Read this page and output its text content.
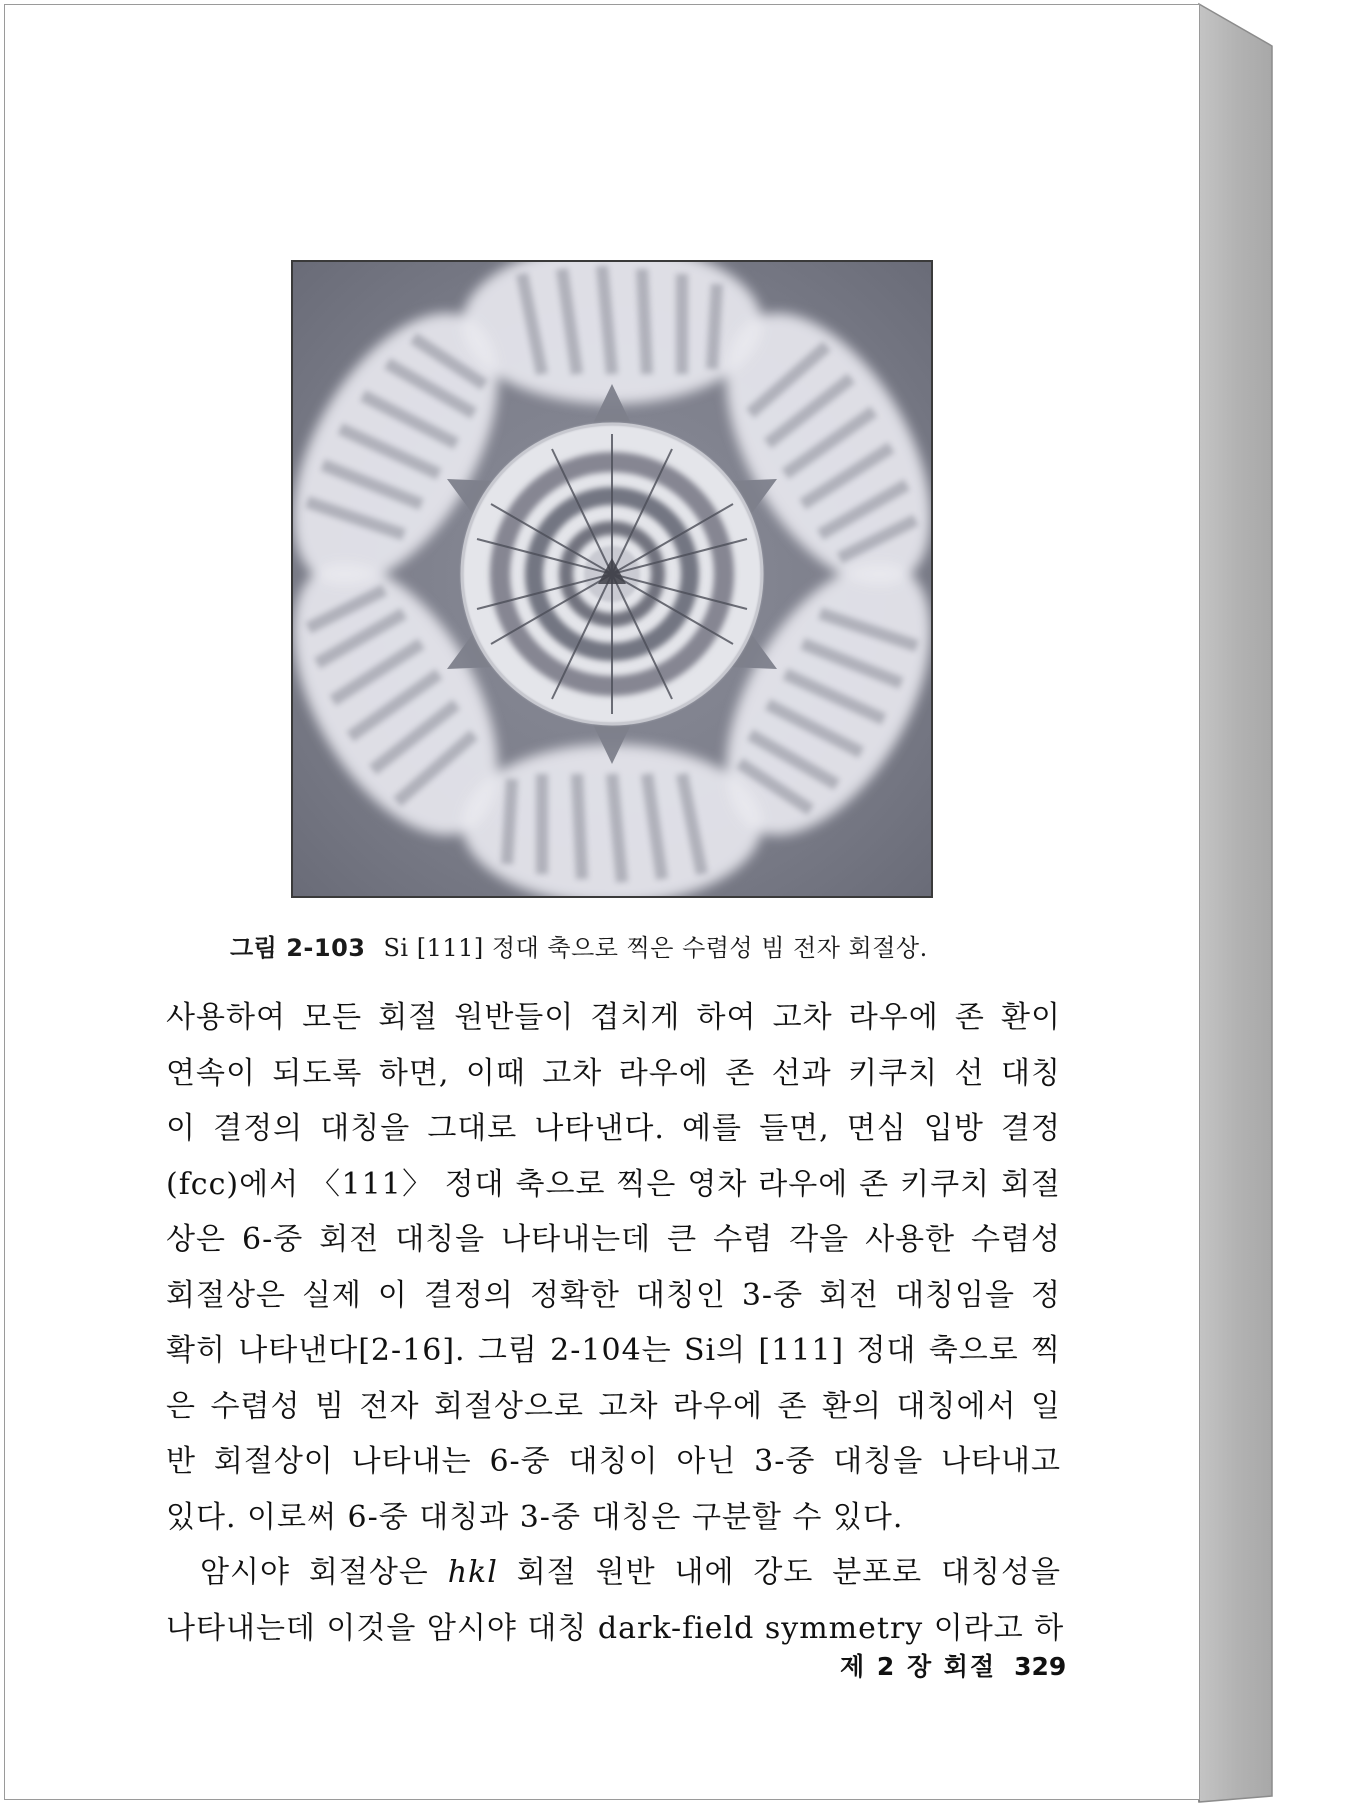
그림 2-103 Si [111] 정대 축으로 찍은 수렴성 빔 전자 회절상.
사용하여 모든 회절 원반들이 겹치게 하여 고차 라우에 존 환이
연속이 되도록 하면, 이때 고차 라우에 존 선과 키쿠치 선 대칭
이 결정의 대칭을 그대로 나타낸다. 예를 들면, 면심 입방 결정
(fcc)에서 〈111〉 정대 축으로 찍은 영차 라우에 존 키쿠치 회절
상은 6-중 회전 대칭을 나타내는데 큰 수렴 각을 사용한 수렴성
회절상은 실제 이 결정의 정확한 대칭인 3-중 회전 대칭임을 정
확히 나타낸다[2-16]. 그림 2-104는 Si의 [111] 정대 축으로 찍
은 수렴성 빔 전자 회절상으로 고차 라우에 존 환의 대칭에서 일
반 회절상이 나타내는 6-중 대칭이 아닌 3-중 대칭을 나타내고
있다. 이로써 6-중 대칭과 3-중 대칭은 구분할 수 있다.
암시야 회절상은 hkl 회절 원반 내에 강도 분포로 대칭성을
나타내는데 이것을 암시야 대칭 dark-field symmetry 이라고 하
제 2 장 회절 329
